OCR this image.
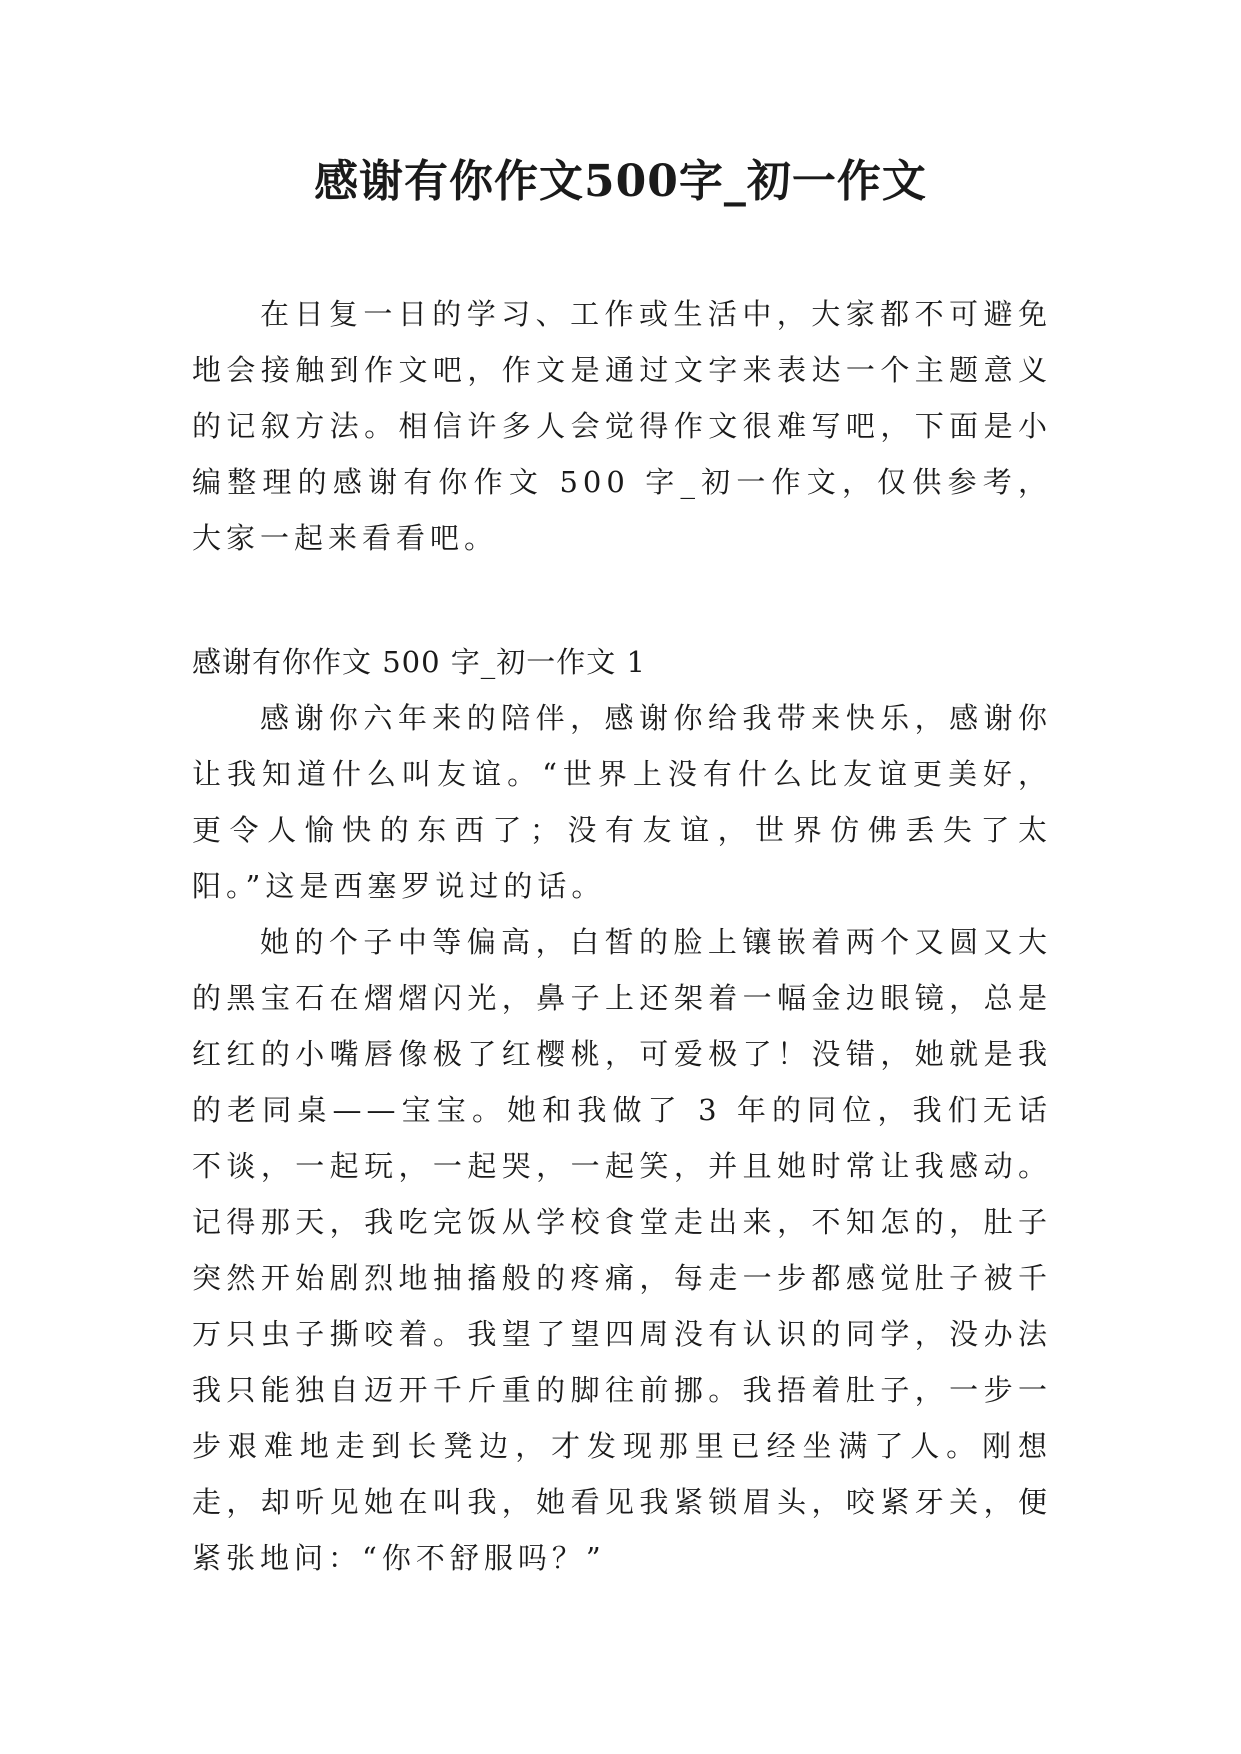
感谢有你作文500字_初一作文

在日复一日的学习、工作或生活中，大家都不可避免地会接触到作文吧，作文是通过文字来表达一个主题意义的记叙方法。相信许多人会觉得作文很难写吧，下面是小编整理的感谢有你作文 500 字_初一作文，仅供参考，大家一起来看看吧。

感谢有你作文 500 字_初一作文 1

感谢你六年来的陪伴，感谢你给我带来快乐，感谢你让我知道什么叫友谊。“世界上没有什么比友谊更美好，更令人愉快的东西了；没有友谊，世界仿佛丢失了太阳。”这是西塞罗说过的话。

她的个子中等偏高，白皙的脸上镶嵌着两个又圆又大的黑宝石在熠熠闪光，鼻子上还架着一幅金边眼镜，总是红红的小嘴唇像极了红樱桃，可爱极了！没错，她就是我的老同桌——宝宝。她和我做了 3 年的同位，我们无话不谈，一起玩，一起哭，一起笑，并且她时常让我感动。记得那天，我吃完饭从学校食堂走出来，不知怎的，肚子突然开始剧烈地抽搐般的疼痛，每走一步都感觉肚子被千万只虫子撕咬着。我望了望四周没有认识的同学，没办法我只能独自迈开千斤重的脚往前挪。我捂着肚子，一步一步艰难地走到长凳边，才发现那里已经坐满了人。刚想走，却听见她在叫我，她看见我紧锁眉头，咬紧牙关，便紧张地问：“你不舒服吗？”
